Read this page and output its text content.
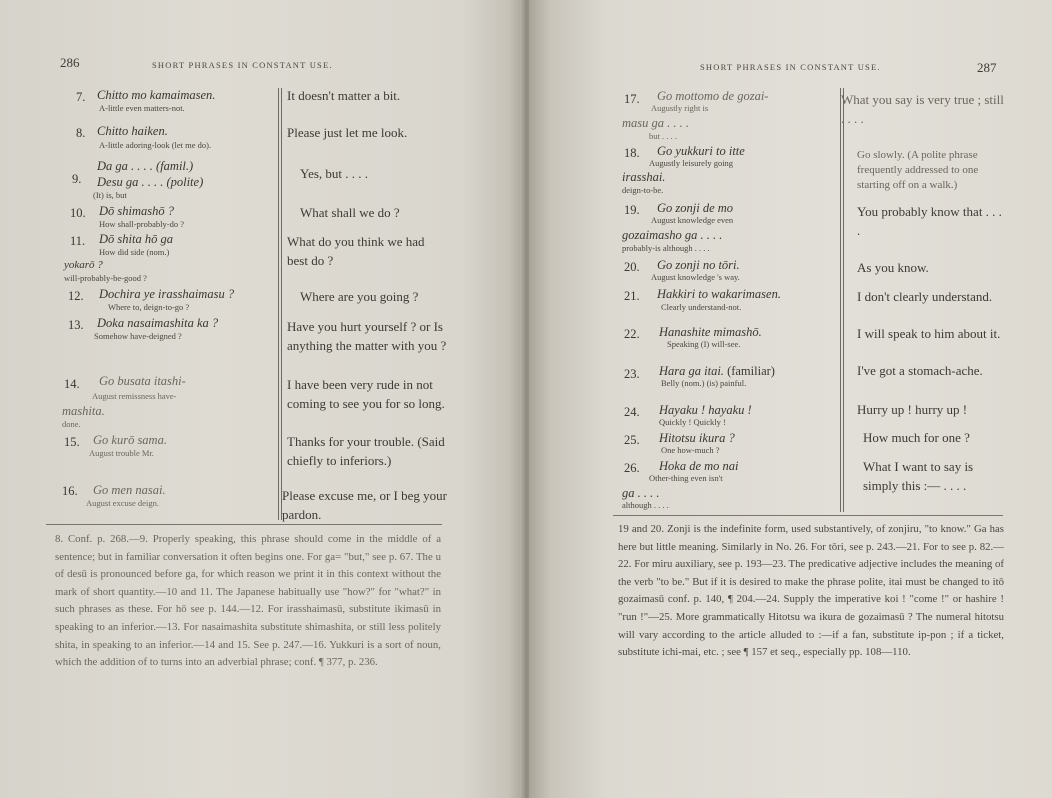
286	SHORT PHRASES IN CONSTANT USE.
7. Chitto mo kamaimasen.
A-little even matters-not.
It doesn't matter a bit.
8. Chitto haiken.
A-little adoring-look (let me do).
Please just let me look.
9.
Da ga . . . . (famil.)
Desu ga . . . . (polite)
(It) is, but
Yes, but . . . .
10. Dō shimashō ?
How shall-probably-do ?
What shall we do ?
11. Dō shita hō ga
How did side (nom.)
yokarō ?
will-probably-be-good ?
What do you think we had best do ?
12. Dochira ye irasshaimasu ?
Where to, deign-to-go ?
Where are you going ?
13. Doka nasaimashita ka ?
Somehow have-deigned ?
Have you hurt yourself ? or Is anything the matter with you ?
14. Go busata itashi-
August remissness have-
mashita.
done.
I have been very rude in not coming to see you for so long.
15. Go kurō sama.
August trouble Mr.
Thanks for your trouble. (Said chiefly to inferiors.)
16. Go men nasai.
August excuse deign.	Please excuse me, or I beg your pardon.
8. Conf. p. 268.—9. Properly speaking, this phrase should come in the middle of a sentence; but in familiar conversation it often begins one. For ga= "but," see p. 67. The u of desū is pronounced before ga, for which reason we print it in this context without the mark of short quantity.—10 and 11. The Japanese habitually use "how?" for "what?" in such phrases as these. For hō see p. 144.—12. For irasshaimasū, substitute ikimasū in speaking to an inferior.—13. For nasaimashita substitute shimashita, or still less politely shita, in speaking to an inferior.—14 and 15. See p. 247.—16. Yukkuri is a sort of noun, which the addition of to turns into an adverbial phrase; conf. ¶ 377, p. 236.
SHORT PHRASES IN CONSTANT USE.	287
17. Go mottomo de gozai-
Augustly right is
masu ga . . . .
but . . . .
What you say is very true ; still . . . .
18. Go yukkuri to itte
Augustly leisurely going
irasshai.
deign-to-be.
Go slowly. (A polite phrase frequently addressed to one starting off on a walk.)
19. Go zonji de mo
August knowledge even
gozaimasho ga . . . .
probably-is although . . . .
You probably know that . . . .
20. Go zonji no tōri.
August knowledge 's way.
As you know.
21. Hakkiri to wakarimasen.
Clearly understand-not.
I don't clearly understand.
22. Hanashite mimashō.
Speaking (I) will-see.
I will speak to him about it.
23. Hara ga itai. (familiar)
Belly (nom.) (is) painful.
I've got a stomach-ache.
24. Hayaku ! hayaku !
Quickly ! Quickly !
Hurry up ! hurry up !
25. Hitotsu ikura ?
One how-much ?
How much for one ?
26. Hoka de mo nai
Other-thing even isn't
ga . . . .
although . . . .
What I want to say is simply this :— . . . .
19 and 20. Zonji is the indefinite form, used substantively, of zonjiru, "to know." Ga has here but little meaning. Similarly in No. 26. For tōri, see p. 243.—21. For to see p. 82.—22. For miru auxiliary, see p. 193—23. The predicative adjective includes the meaning of the verb "to be." But if it is desired to make the phrase polite, itai must be changed to itō gozaimasū conf. p. 140, ¶ 204.—24. Supply the imperative koi ! "come !" or hashire ! "run !"—25. More grammatically Hitotsu wa ikura de gozaimasū ? The numeral hitotsu will vary according to the article alluded to :—if a fan, substitute ip-pon ; if a ticket, substitute ichi-mai, etc. ; see ¶ 157 et seq., especially pp. 108—110.
